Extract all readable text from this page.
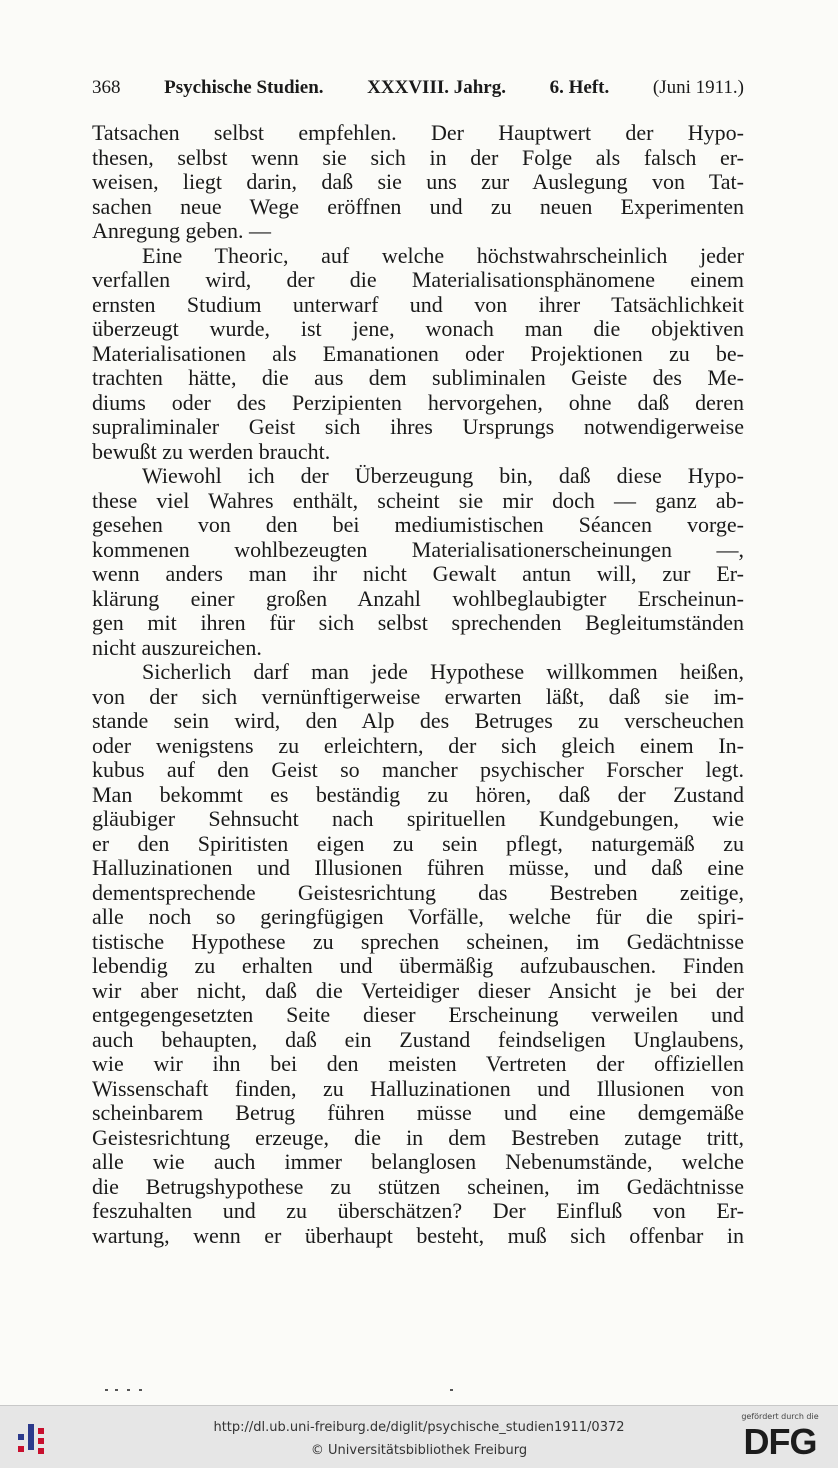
368 Psychische Studien. XXXVIII. Jahrg. 6. Heft. (Juni 1911.)
Tatsachen selbst empfehlen. Der Hauptwert der Hypo-
thesen, selbst wenn sie sich in der Folge als falsch er-
weisen, liegt darin, daß sie uns zur Auslegung von Tat-
sachen neue Wege eröffnen und zu neuen Experimenten
Anregung geben. —
Eine Theoric, auf welche höchstwahrscheinlich jeder
verfallen wird, der die Materialisationsphänomene einem
ernsten Studium unterwarf und von ihrer Tatsächlichkeit
überzeugt wurde, ist jene, wonach man die objektiven
Materialisationen als Emanationen oder Projektionen zu be-
trachten hätte, die aus dem subliminalen Geiste des Me-
diums oder des Perzipienten hervorgehen, ohne daß deren
supraliminaler Geist sich ihres Ursprungs notwendigerweise
bewußt zu werden braucht.
Wiewohl ich der Überzeugung bin, daß diese Hypo-
these viel Wahres enthält, scheint sie mir doch — ganz ab-
gesehen von den bei mediumistischen Séancen vorge-
kommenen wohlbezeugten Materialisationerscheinungen —,
wenn anders man ihr nicht Gewalt antun will, zur Er-
klärung einer großen Anzahl wohlbeglaubigter Erscheinun-
gen mit ihren für sich selbst sprechenden Begleitumständen
nicht auszureichen.
Sicherlich darf man jede Hypothese willkommen heißen,
von der sich vernünftigerweise erwarten läßt, daß sie im-
stande sein wird, den Alp des Betruges zu verscheuchen
oder wenigstens zu erleichtern, der sich gleich einem In-
kubus auf den Geist so mancher psychischer Forscher legt.
Man bekommt es beständig zu hören, daß der Zustand
gläubiger Sehnsucht nach spirituellen Kundgebungen, wie
er den Spiritisten eigen zu sein pflegt, naturgemäß zu
Halluzinationen und Illusionen führen müsse, und daß eine
dementsprechende Geistesrichtung das Bestreben zeitige,
alle noch so geringfügigen Vorfälle, welche für die spiri-
tistische Hypothese zu sprechen scheinen, im Gedächtnisse
lebendig zu erhalten und übermäßig aufzubauschen. Finden
wir aber nicht, daß die Verteidiger dieser Ansicht je bei der
entgegengesetzten Seite dieser Erscheinung verweilen und
auch behaupten, daß ein Zustand feindseligen Unglaubens,
wie wir ihn bei den meisten Vertreten der offiziellen
Wissenschaft finden, zu Halluzinationen und Illusionen von
scheinbarem Betrug führen müsse und eine demgemäße
Geistesrichtung erzeuge, die in dem Bestreben zutage tritt,
alle wie auch immer belanglosen Nebenumstände, welche
die Betrugshypothese zu stützen scheinen, im Gedächtnisse
feszuhalten und zu überschätzen? Der Einfluß von Er-
wartung, wenn er überhaupt besteht, muß sich offenbar in
http://dl.ub.uni-freiburg.de/diglit/psychische_studien1911/0372
© Universitätsbibliothek Freiburg
gefördert durch die
DFG
